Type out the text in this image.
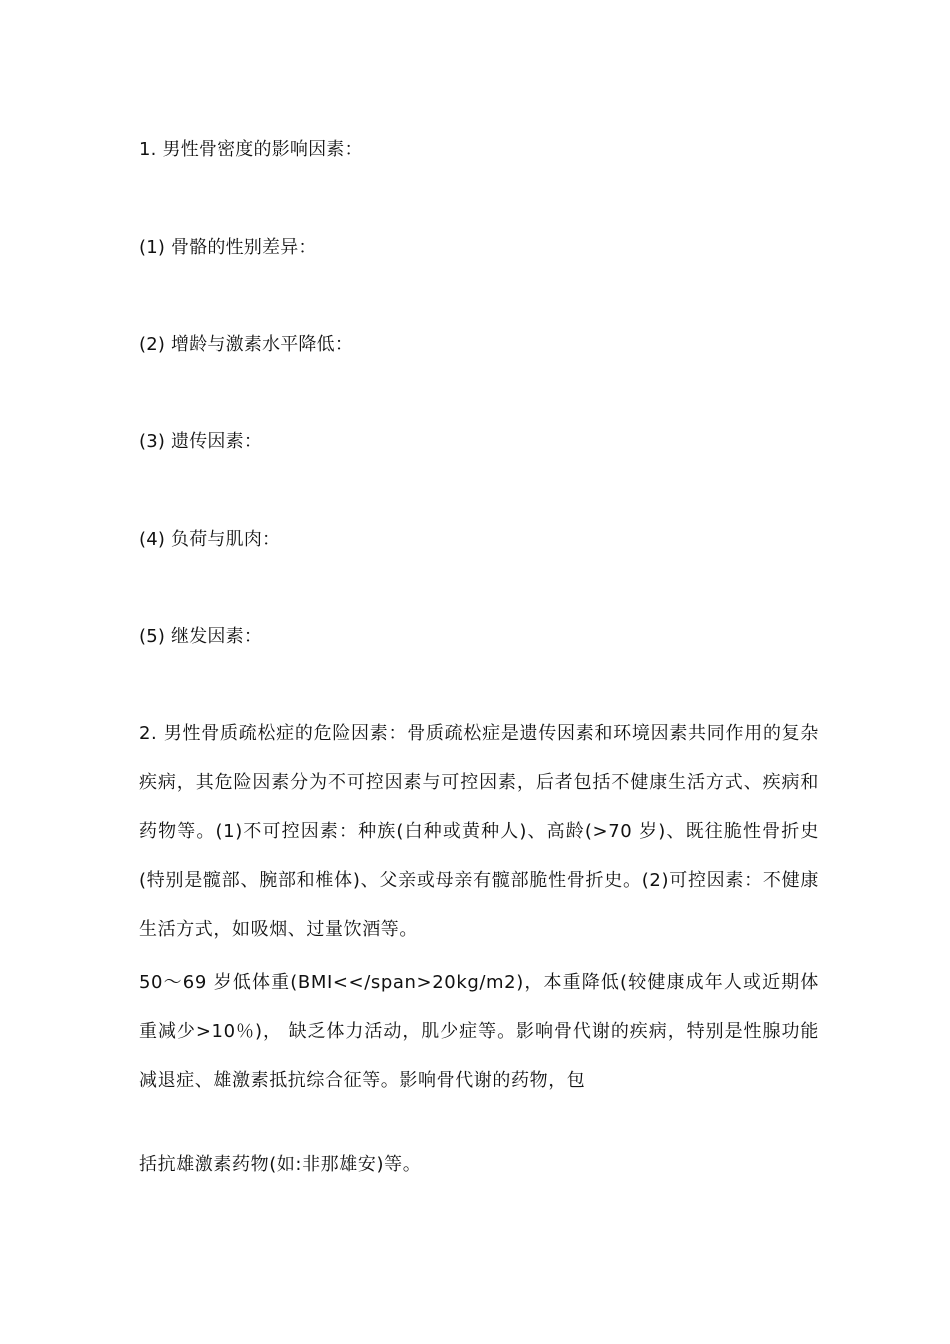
1. 男性骨密度的影响因素：
(1) 骨骼的性别差异：
(2) 增龄与激素水平降低：
(3) 遗传因素：
(4) 负荷与肌肉：
(5) 继发因素：
2. 男性骨质疏松症的危险因素：骨质疏松症是遗传因素和环境因素共同作用的复杂疾病，其危险因素分为不可控因素与可控因素，后者包括不健康生活方式、疾病和药物等。(1)不可控因素：种族(白种或黄种人)、高龄(>70 岁)、既往脆性骨折史(特别是髋部、腕部和椎体)、父亲或母亲有髋部脆性骨折史。(2)可控因素：不健康生活方式，如吸烟、过量饮酒等。
50～69 岁低体重(BMI<</span>20kg/m2)，本重降低(较健康成年人或近期体重减少>10％)， 缺乏体力活动，肌少症等。影响骨代谢的疾病，特别是性腺功能减退症、雄激素抵抗综合征等。影响骨代谢的药物，包
括抗雄激素药物(如:非那雄安)等。
